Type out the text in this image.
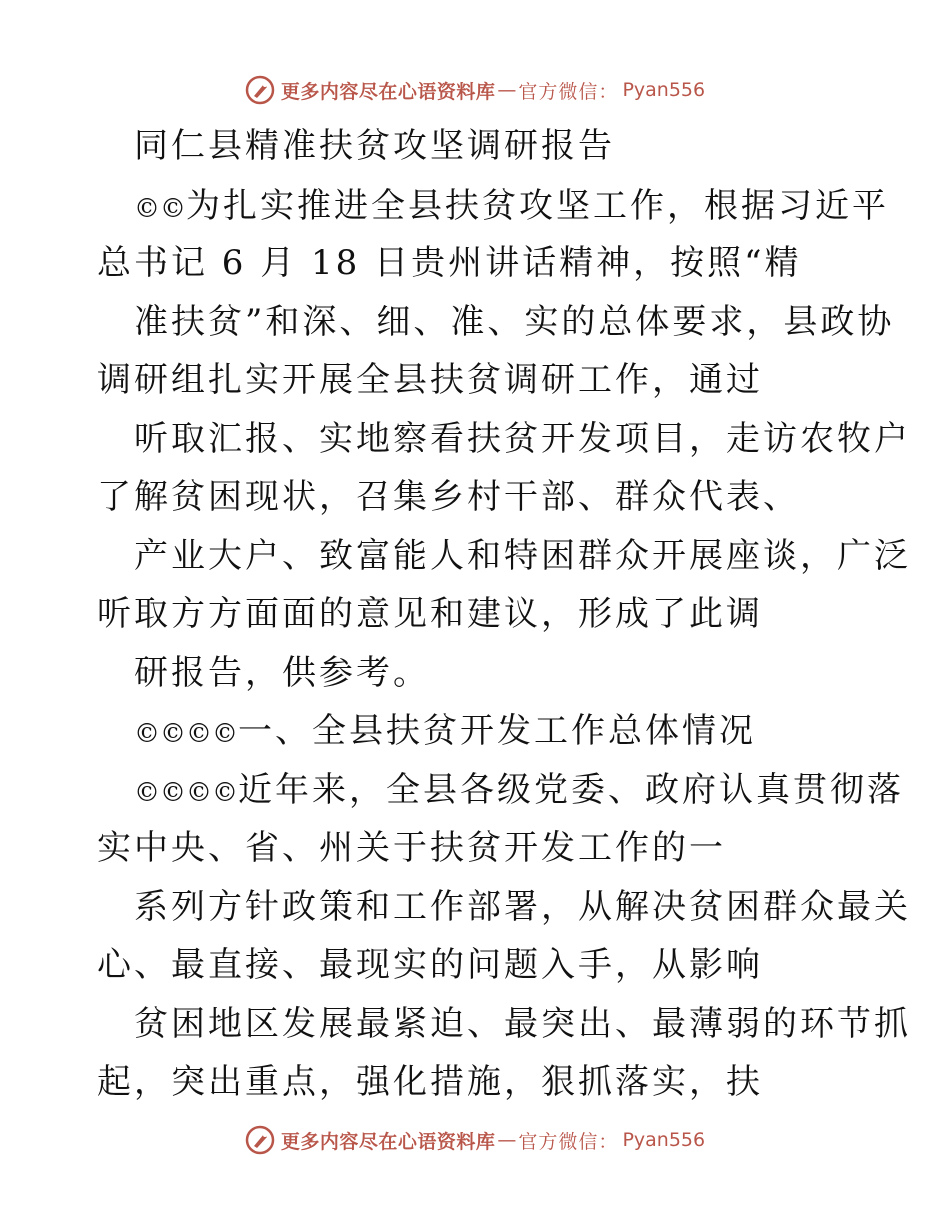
更多内容尽在心语资料库 — 官方微信： Pyan556
同仁县精准扶贫攻坚调研报告
©©为扎实推进全县扶贫攻坚工作，根据习近平
总书记 6 月 18 日贵州讲话精神，按照“精
准扶贫”和深、细、准、实的总体要求，县政协
调研组扎实开展全县扶贫调研工作，通过
听取汇报、实地察看扶贫开发项目，走访农牧户
了解贫困现状，召集乡村干部、群众代表、
产业大户、致富能人和特困群众开展座谈，广泛
听取方方面面的意见和建议，形成了此调
研报告，供参考。
©©©©一、全县扶贫开发工作总体情况
©©©©近年来，全县各级党委、政府认真贯彻落
实中央、省、州关于扶贫开发工作的一
系列方针政策和工作部署，从解决贫困群众最关
心、最直接、最现实的问题入手，从影响
贫困地区发展最紧迫、最突出、最薄弱的环节抓
起，突出重点，强化措施，狠抓落实，扶
更多内容尽在心语资料库 — 官方微信： Pyan556
